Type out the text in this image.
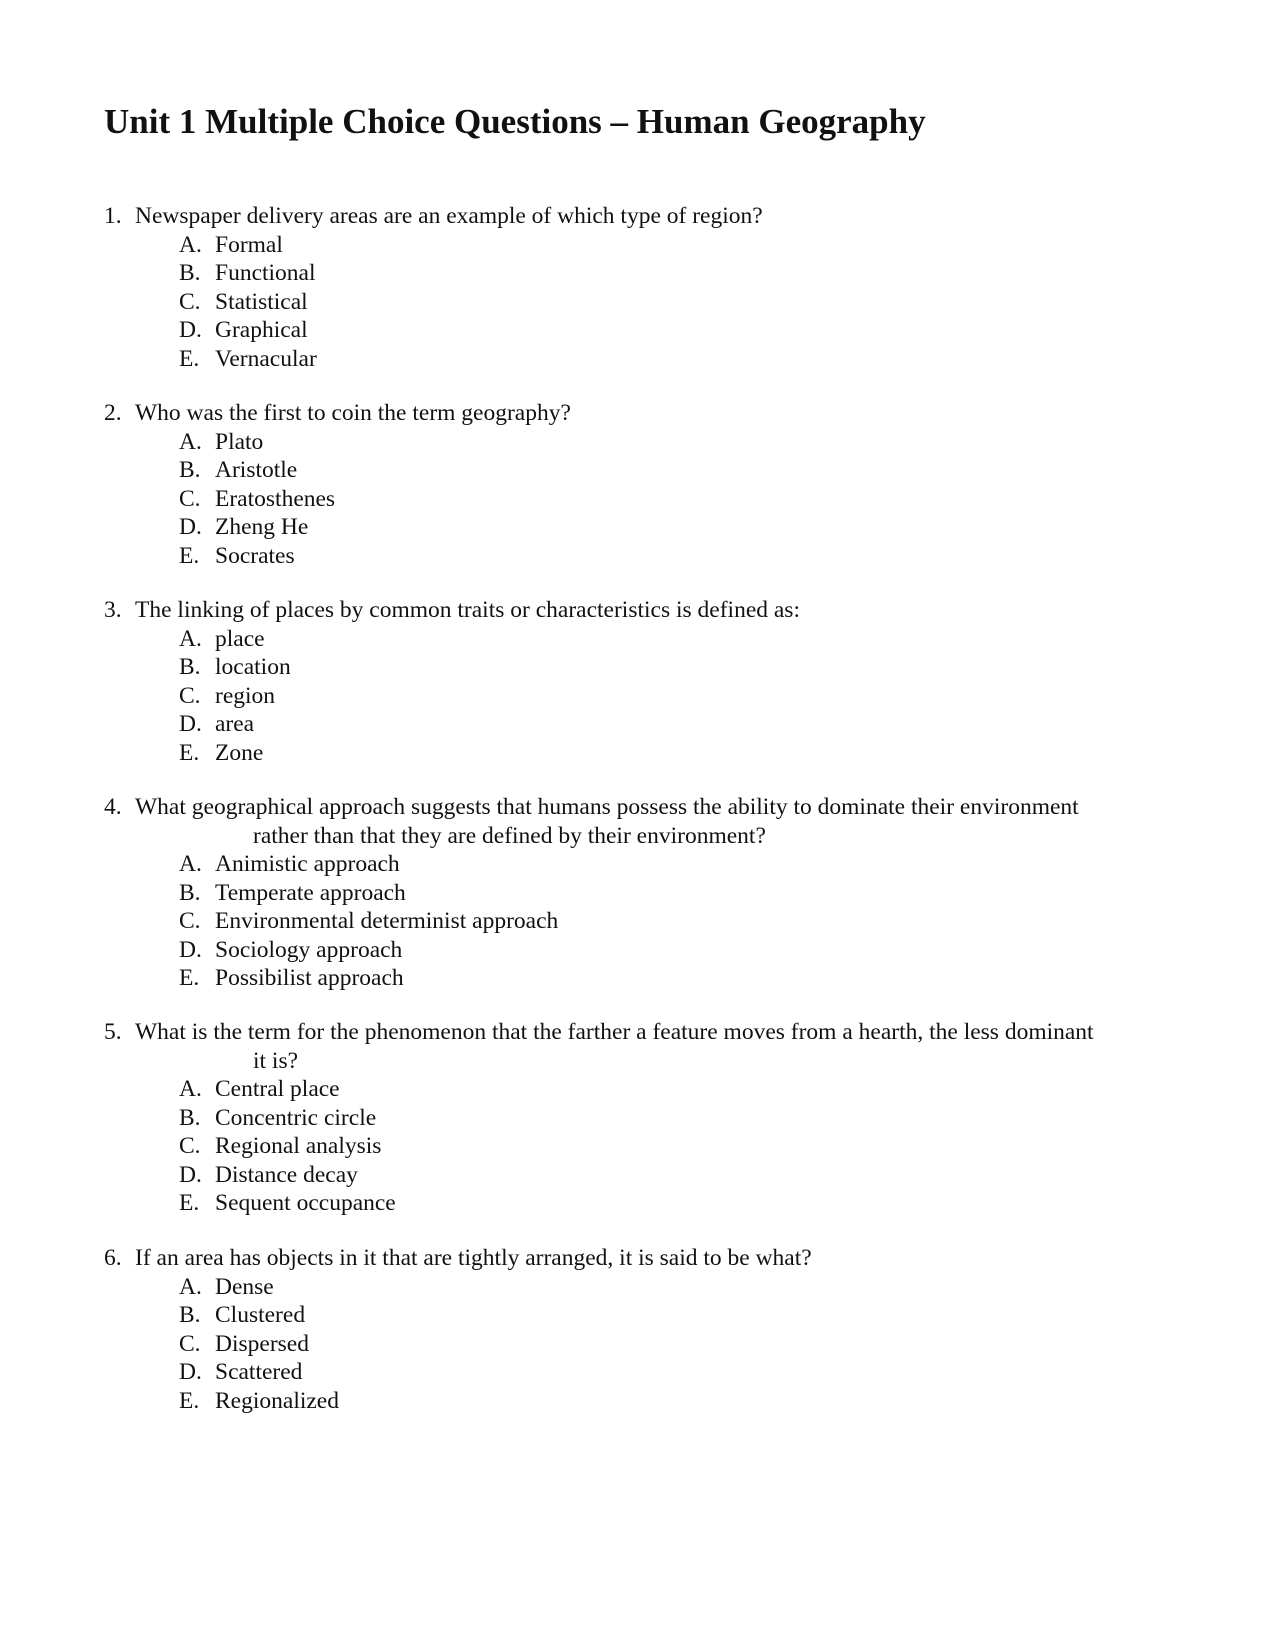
Unit 1 Multiple Choice Questions – Human Geography
1. Newspaper delivery areas are an example of which type of region?
A. Formal
B. Functional
C. Statistical
D. Graphical
E. Vernacular
2. Who was the first to coin the term geography?
A. Plato
B. Aristotle
C. Eratosthenes
D. Zheng He
E. Socrates
3. The linking of places by common traits or characteristics is defined as:
A. place
B. location
C. region
D. area
E. Zone
4. What geographical approach suggests that humans possess the ability to dominate their environment
rather than that they are defined by their environment?
A. Animistic approach
B. Temperate approach
C. Environmental determinist approach
D. Sociology approach
E. Possibilist approach
5. What is the term for the phenomenon that the farther a feature moves from a hearth, the less dominant
it is?
A. Central place
B. Concentric circle
C. Regional analysis
D. Distance decay
E. Sequent occupance
6. If an area has objects in it that are tightly arranged, it is said to be what?
A. Dense
B. Clustered
C. Dispersed
D. Scattered
E. Regionalized
